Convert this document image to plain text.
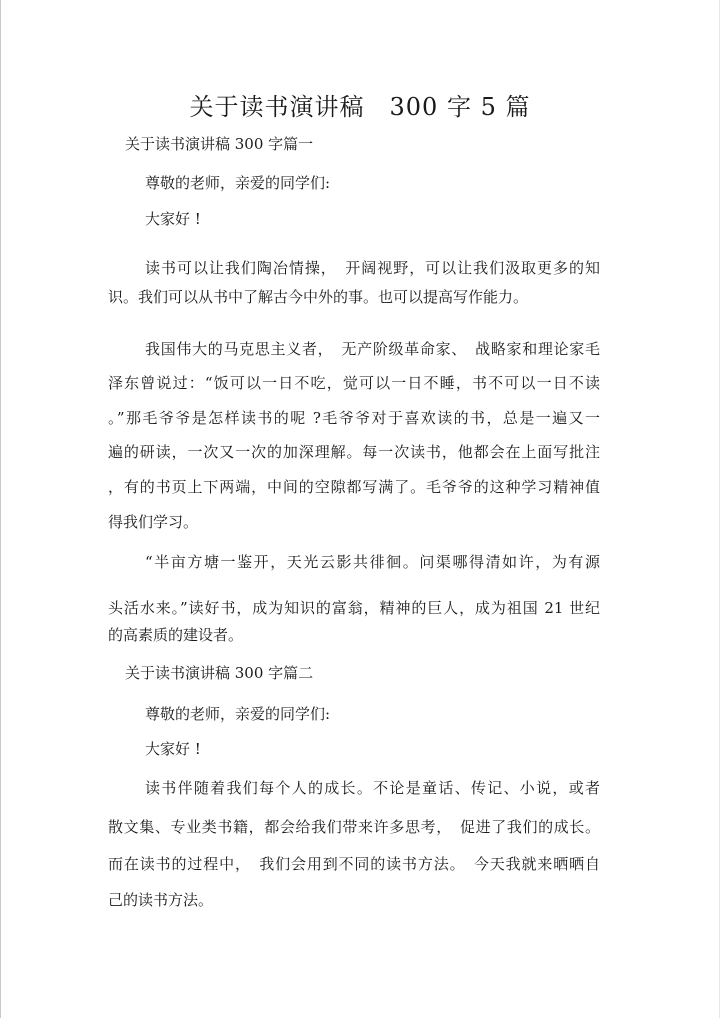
关于读书演讲稿　300 字 5 篇
关于读书演讲稿 300 字篇一
尊敬的老师，亲爱的同学们:
大家好 !
读书可以让我们陶冶情操，　开阔视野，可以让我们汲取更多的知
识。我们可以从书中了解古今中外的事。也可以提高写作能力。
我国伟大的马克思主义者，　无产阶级革命家、　战略家和理论家毛
泽东曾说过：“饭可以一日不吃，觉可以一日不睡，书不可以一日不读
。”那毛爷爷是怎样读书的呢 ?毛爷爷对于喜欢读的书，总是一遍又一
遍的研读，一次又一次的加深理解。每一次读书，他都会在上面写批注
，有的书页上下两端，中间的空隙都写满了。毛爷爷的这种学习精神值
得我们学习。
“半亩方塘一鉴开，天光云影共徘徊。问渠哪得清如许，为有源
头活水来。”读好书，成为知识的富翁，精神的巨人，成为祖国 21 世纪
的高素质的建设者。
关于读书演讲稿 300 字篇二
尊敬的老师，亲爱的同学们:
大家好 !
读书伴随着我们每个人的成长。不论是童话、传记、小说，或者
散文集、专业类书籍，都会给我们带来许多思考，　促进了我们的成长。
而在读书的过程中，　我们会用到不同的读书方法。　今天我就来晒晒自
己的读书方法。
